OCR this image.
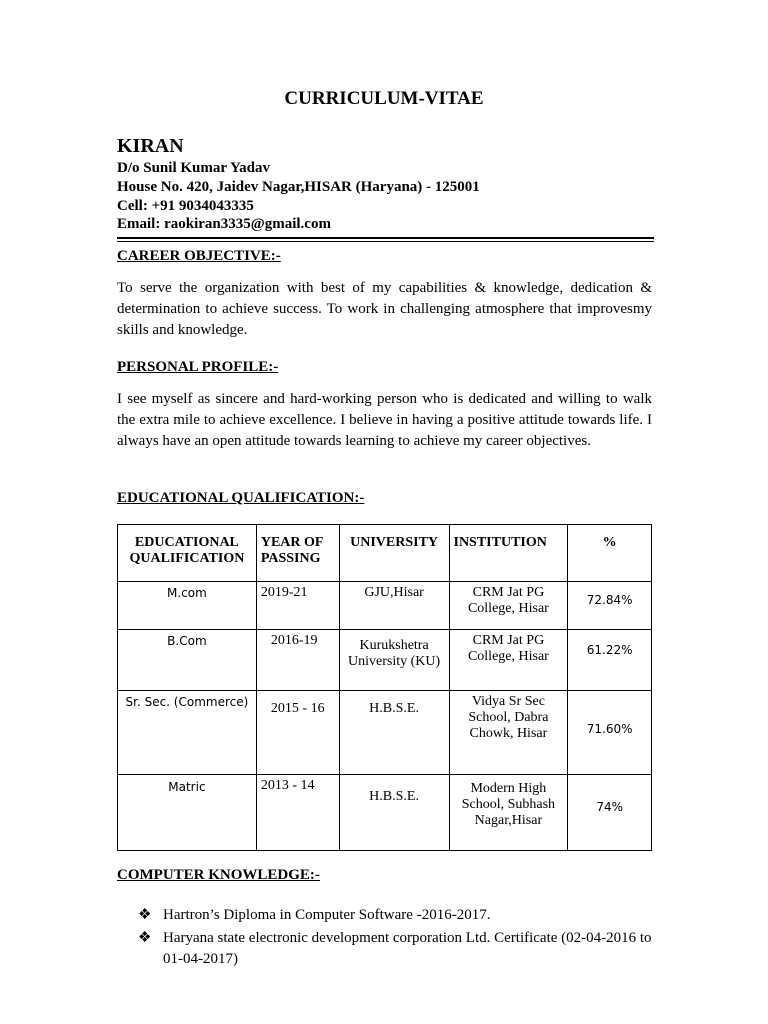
CURRICULUM-VITAE
KIRAN
D/o Sunil Kumar Yadav
House No. 420, Jaidev Nagar,HISAR (Haryana) - 125001
Cell: +91 9034043335
Email: raokiran3335@gmail.com
CAREER OBJECTIVE:-
To serve the organization with best of my capabilities & knowledge, dedication & determination to achieve success. To work in challenging atmosphere that improvesmy skills and knowledge.
PERSONAL PROFILE:-
I see myself as sincere and hard-working person who is dedicated and willing to walk the extra mile to achieve excellence. I believe in having a positive attitude towards life. I always have an open attitude towards learning to achieve my career objectives.
EDUCATIONAL QUALIFICATION:-
EDUCATIONAL QUALIFICATION	YEAR OF PASSING	UNIVERSITY	INSTITUTION	%
M.com	2019-21	GJU,Hisar	CRM Jat PG College, Hisar	72.84%
B.Com	2016-19	Kurukshetra University (KU)	CRM Jat PG College, Hisar	61.22%
Sr. Sec. (Commerce)	2015 - 16	H.B.S.E.	Vidya Sr Sec School, Dabra Chowk, Hisar	71.60%
Matric	2013 - 14	H.B.S.E.	Modern High School, Subhash Nagar,Hisar	74%
COMPUTER KNOWLEDGE:-
❖ Hartron’s Diploma in Computer Software -2016-2017.
❖ Haryana state electronic development corporation Ltd. Certificate (02-04-2016 to 01-04-2017)
